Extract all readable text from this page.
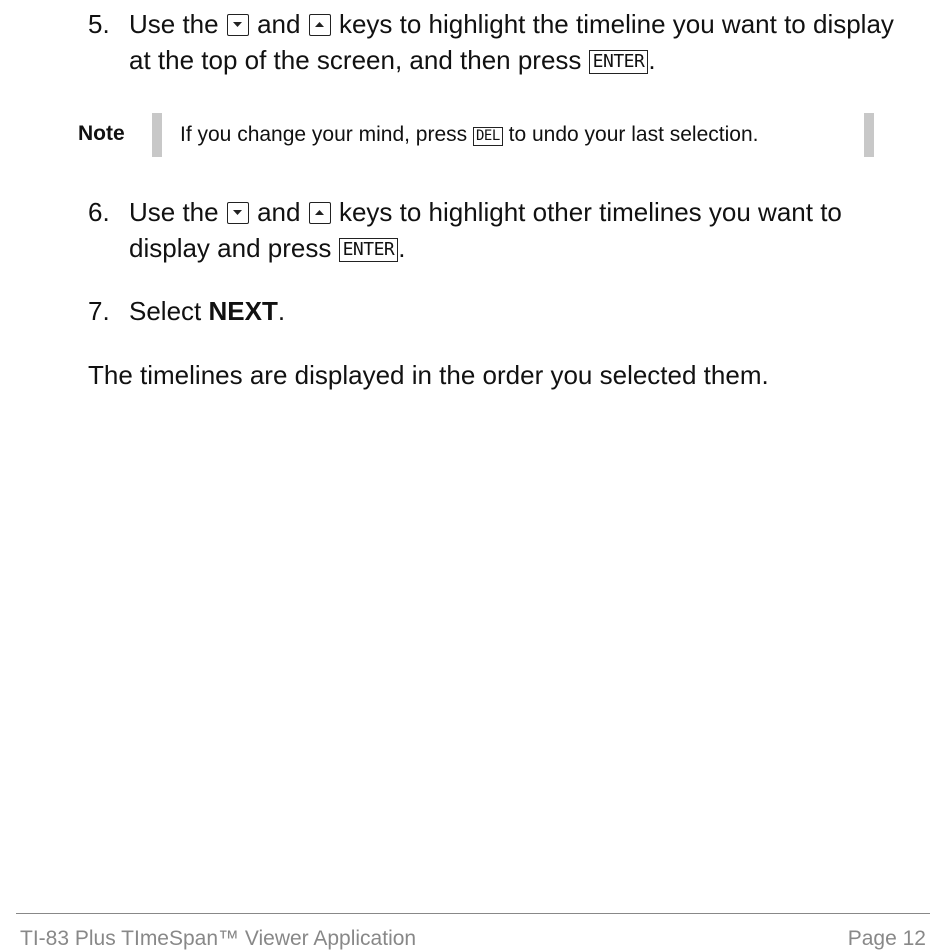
5. Use the and keys to highlight the timeline you want to display at the top of the screen, and then press ENTER .
Note	If you change your mind, press DEL to undo your last selection.
6. Use the and keys to highlight other timelines you want to display and press ENTER .
7. Select NEXT.
The timelines are displayed in the order you selected them.
TI-83 Plus TImeSpan™ Viewer Application	Page 12
